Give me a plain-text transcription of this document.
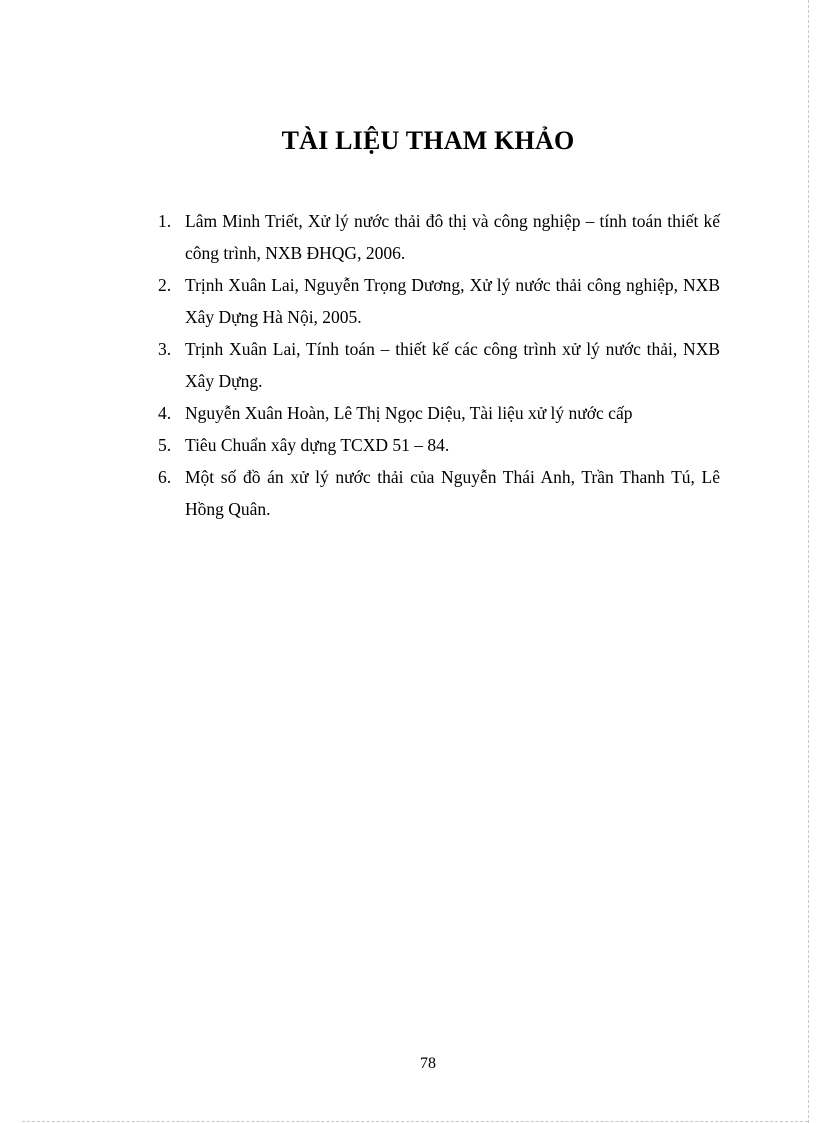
TÀI LIỆU THAM KHẢO
1. Lâm Minh Triết, Xử lý nước thải đô thị và công nghiệp – tính toán thiết kế công trình, NXB ĐHQG, 2006.
2. Trịnh Xuân Lai, Nguyễn Trọng Dương, Xử lý nước thải công nghiệp, NXB Xây Dựng Hà Nội, 2005.
3. Trịnh Xuân Lai, Tính toán – thiết kế các công trình xử lý nước thải, NXB Xây Dựng.
4. Nguyễn Xuân Hoàn, Lê Thị Ngọc Diệu, Tài liệu xử lý nước cấp
5. Tiêu Chuẩn xây dựng TCXD 51 – 84.
6. Một số đồ án xử lý nước thải của Nguyễn Thái Anh, Trần Thanh Tú, Lê Hồng Quân.
78
